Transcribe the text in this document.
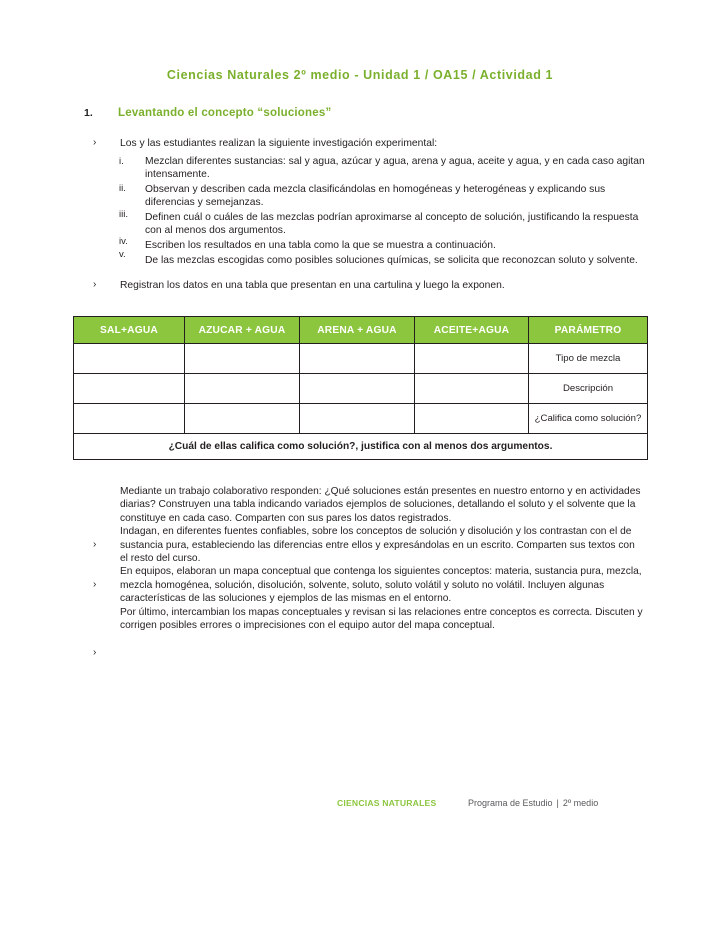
Ciencias Naturales 2º medio - Unidad 1 / OA15 / Actividad 1
1. Levantando el concepto “soluciones”
› Los y las estudiantes realizan la siguiente investigación experimental:
i.
ii.
iii.
iv.
v.
Mezclan diferentes sustancias: sal y agua, azúcar y agua, arena y agua, aceite y agua, y en cada caso agitan intensamente.
Observan y describen cada mezcla clasificándolas en homogéneas y heterogéneas y explicando sus diferencias y semejanzas.
Definen cuál o cuáles de las mezclas podrían aproximarse al concepto de solución, justificando la respuesta con al menos dos argumentos.
Escriben los resultados en una tabla como la que se muestra a continuación.
De las mezclas escogidas como posibles soluciones químicas, se solicita que reconozcan soluto y solvente.
› Registran los datos en una tabla que presentan en una cartulina y luego la exponen.
SAL+AGUA	AZUCAR + AGUA	ARENA + AGUA	ACEITE+AGUA	PARÁMETRO
				Tipo de mezcla
				Descripción
				¿Califica como solución?
¿Cuál de ellas califica como solución?, justifica con al menos dos argumentos.				
›
›
›

Mediante un trabajo colaborativo responden: ¿Qué soluciones están presentes en nuestro entorno y en actividades diarias? Construyen una tabla indicando variados ejemplos de soluciones, detallando el soluto y el solvente que la constituye en cada caso. Comparten con sus pares los datos registrados.

Indagan, en diferentes fuentes confiables, sobre los conceptos de solución y disolución y los contrastan con el de sustancia pura, estableciendo las diferencias entre ellos y expresándolas en un escrito. Comparten sus textos con el resto del curso.

En equipos, elaboran un mapa conceptual que contenga los siguientes conceptos: materia, sustancia pura, mezcla, mezcla homogénea, solución, disolución, solvente, soluto, soluto volátil y soluto no volátil. Incluyen algunas características de las soluciones y ejemplos de las mismas en el entorno.

Por último, intercambian los mapas conceptuales y revisan si las relaciones entre conceptos es correcta. Discuten y corrigen posibles errores o imprecisiones con el equipo autor del mapa conceptual.

CIENCIAS NATURALES	Programa de Estudio | 2º medio
